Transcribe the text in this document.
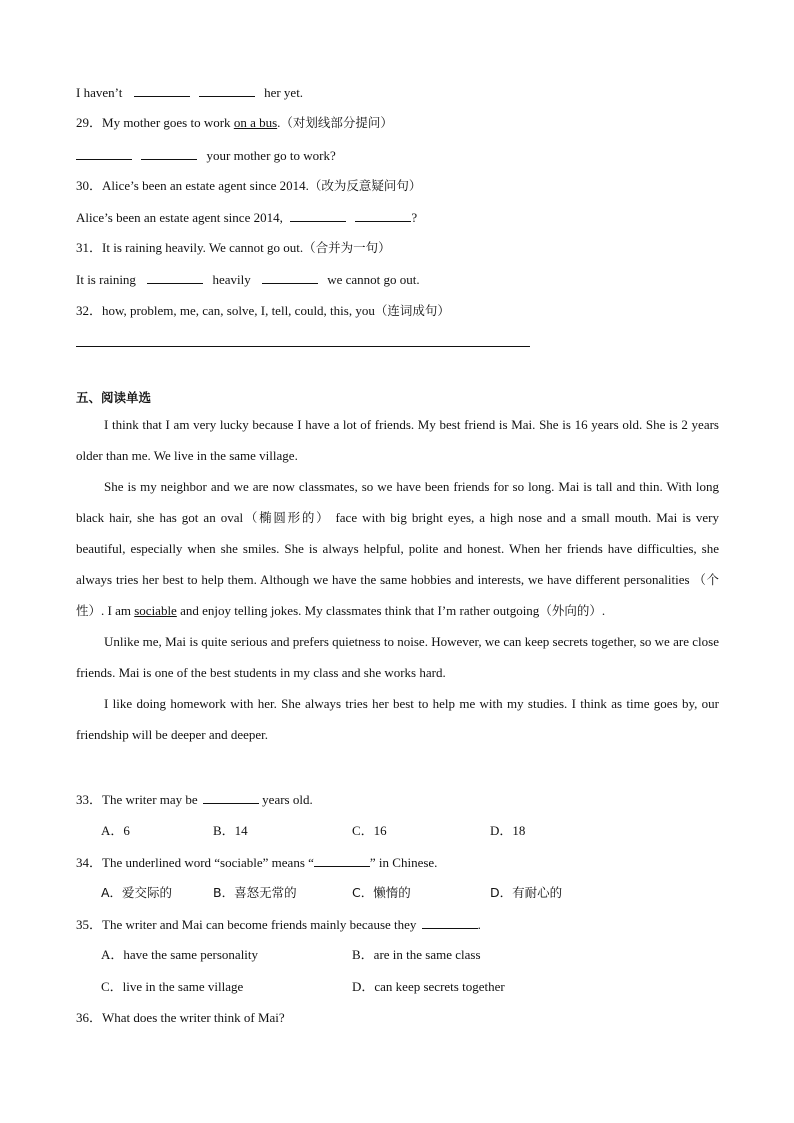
I haven’t	her yet.
29．My mother goes to work on a bus.（对划线部分提问）
your mother go to work?
30．Alice’s been an estate agent since 2014.（改为反意疑问句）
Alice’s been an estate agent since 2014,	?
31．It is raining heavily. We cannot go out.（合并为一句）
It is raining	heavily	we cannot go out.
32．how, problem, me, can, solve, I, tell, could, this, you（连词成句）
五、阅读单选
I think that I am very lucky because I have a lot of friends. My best friend is Mai. She is 16 years old. She is 2 years older than me. We live in the same village.
She is my neighbor and we are now classmates, so we have been friends for so long. Mai is tall and thin. With long black hair, she has got an oval（椭圆形的） face with big bright eyes, a high nose and a small mouth. Mai is very beautiful, especially when she smiles. She is always helpful, polite and honest. When her friends have difficulties, she always tries her best to help them. Although we have the same hobbies and interests, we have different personalities （个性）. I am sociable and enjoy telling jokes. My classmates think that I’m rather outgoing（外向的）.
Unlike me, Mai is quite serious and prefers quietness to noise. However, we can keep secrets together, so we are close friends. Mai is one of the best students in my class and she works hard.
I like doing homework with her. She always tries her best to help me with my studies. I think as time goes by, our friendship will be deeper and deeper.
33．The writer may be	years old.
A．6	B．14	C．16	D．18
34．The underlined word “sociable” means “	” in Chinese.
A．爱交际的	B．喜怒无常的	C．懒惰的	D．有耐心的
35．The writer and Mai can become friends mainly because they	.
A．have the same personality	B．are in the same class
C．live in the same village	D．can keep secrets together
36．What does the writer think of Mai?
